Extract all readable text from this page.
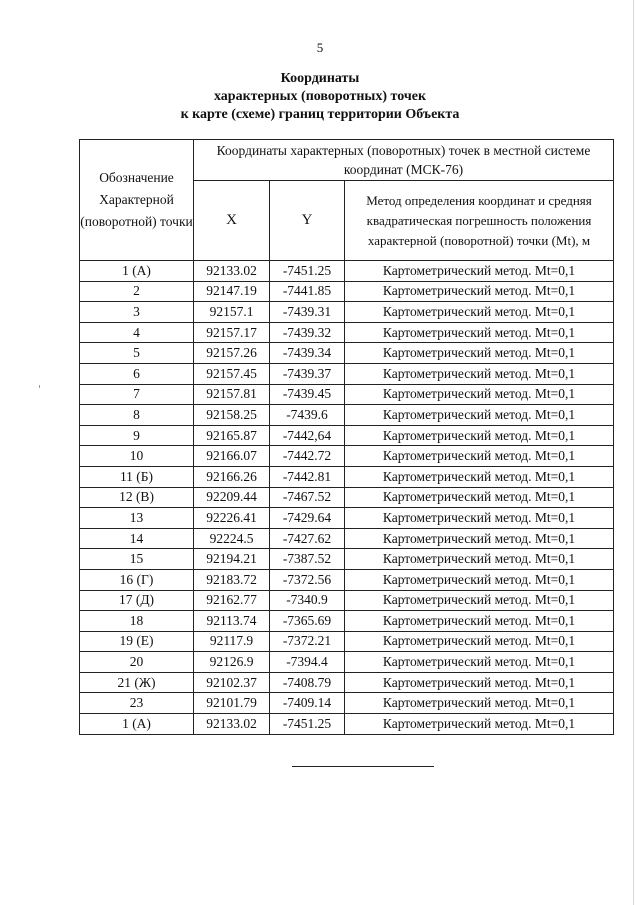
5
Координаты
характерных (поворотных) точек
к карте (схеме) границ территории Объекта
Обозначение Характерной (поворотной) точки	Координаты характерных (поворотных) точек в местной системе координат (МСК-76)		
	X	Y	Метод определения координат и средняя квадратическая погрешность положения характерной (поворотной) точки (Mt), м
1 (А)	92133.02	-7451.25	Картометрический метод. Mt=0,1
2	92147.19	-7441.85	Картометрический метод. Mt=0,1
3	92157.1	-7439.31	Картометрический метод. Mt=0,1
4	92157.17	-7439.32	Картометрический метод. Mt=0,1
5	92157.26	-7439.34	Картометрический метод. Mt=0,1
6	92157.45	-7439.37	Картометрический метод. Mt=0,1
7	92157.81	-7439.45	Картометрический метод. Mt=0,1
8	92158.25	-7439.6	Картометрический метод. Mt=0,1
9	92165.87	-7442,64	Картометрический метод. Mt=0,1
10	92166.07	-7442.72	Картометрический метод. Mt=0,1
11 (Б)	92166.26	-7442.81	Картометрический метод. Mt=0,1
12 (В)	92209.44	-7467.52	Картометрический метод. Mt=0,1
13	92226.41	-7429.64	Картометрический метод. Mt=0,1
14	92224.5	-7427.62	Картометрический метод. Mt=0,1
15	92194.21	-7387.52	Картометрический метод. Mt=0,1
16 (Г)	92183.72	-7372.56	Картометрический метод. Mt=0,1
17 (Д)	92162.77	-7340.9	Картометрический метод. Mt=0,1
18	92113.74	-7365.69	Картометрический метод. Mt=0,1
19 (Е)	92117.9	-7372.21	Картометрический метод. Mt=0,1
20	92126.9	-7394.4	Картометрический метод. Mt=0,1
21 (Ж)	92102.37	-7408.79	Картометрический метод. Mt=0,1
23	92101.79	-7409.14	Картометрический метод. Mt=0,1
1 (А)	92133.02	-7451.25	Картометрический метод. Mt=0,1
